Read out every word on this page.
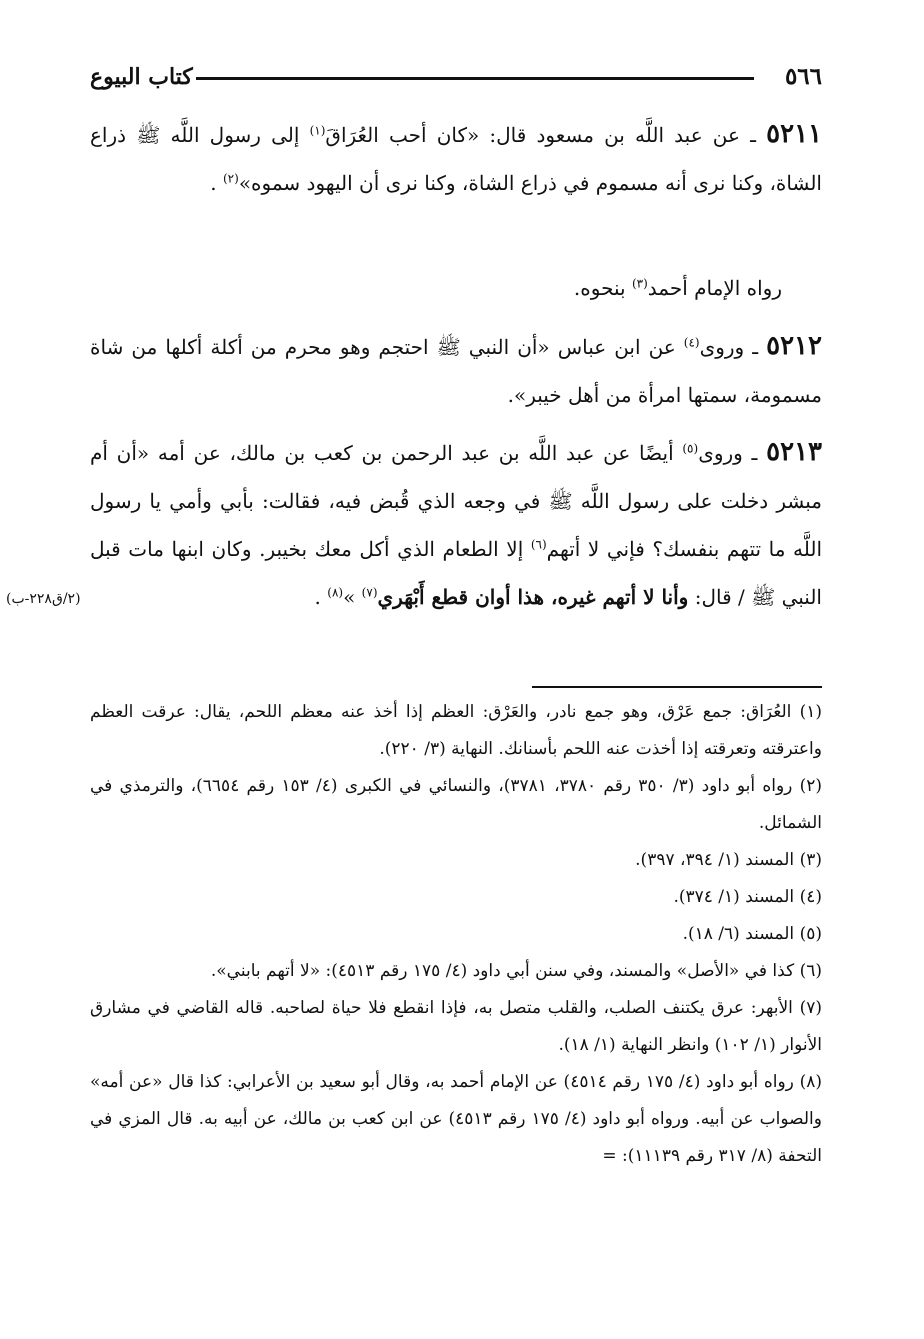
٥٦٦
كتاب البيوع
٥٢١١ ـ عن عبد اللَّه بن مسعود قال: «كان أحب العُرَاقَ$^{(١)}$ إلى رسول اللَّه ﷺ ذراع الشاة، وكنا نرى أنه مسموم في ذراع الشاة، وكنا نرى أن اليهود سموه»$^{(٢)}$ .
رواه الإمام أحمد$^{(٣)}$ بنحوه.
٥٢١٢ ـ وروى$^{(٤)}$ عن ابن عباس «أن النبي ﷺ احتجم وهو محرم من أكلة أكلها من شاة مسمومة، سمتها امرأة من أهل خيبر».
٥٢١٣ ـ وروى$^{(٥)}$ أيضًا عن عبد اللَّه بن عبد الرحمن بن كعب بن مالك، عن أمه «أن أم مبشر دخلت على رسول اللَّه ﷺ في وجعه الذي قُبض فيه، فقالت: بأبي وأمي يا رسول اللَّه ما تتهم بنفسك؟ فإني لا أتهم$^{(٦)}$ إلا الطعام الذي أكل معك بخيبر. وكان ابنها مات قبل النبي ﷺ / قال: وأنا لا أتهم غيره، هذا أوان قطع أَبْهَري$^{(٧)}$ »$^{(٨)}$ .
(٢/ق٢٢٨-ب)
(١) العُرَاق: جمع عَرْق، وهو جمع نادر، والعَرْق: العظم إذا أخذ عنه معظم اللحم، يقال: عرقت العظم واعترقته وتعرقته إذا أخذت عنه اللحم بأسنانك. النهاية (٣/ ٢٢٠).
(٢) رواه أبو داود (٣/ ٣٥٠ رقم ٣٧٨٠، ٣٧٨١)، والنسائي في الكبرى (٤/ ١٥٣ رقم ٦٦٥٤)، والترمذي في الشمائل.
(٣) المسند (١/ ٣٩٤، ٣٩٧).
(٤) المسند (١/ ٣٧٤).
(٥) المسند (٦/ ١٨).
(٦) كذا في «الأصل» والمسند، وفي سنن أبي داود (٤/ ١٧٥ رقم ٤٥١٣): «لا أتهم بابني».
(٧) الأبهر: عرق يكتنف الصلب، والقلب متصل به، فإذا انقطع فلا حياة لصاحبه. قاله القاضي في مشارق الأنوار (١/ ١٠٢) وانظر النهاية (١/ ١٨).
(٨) رواه أبو داود (٤/ ١٧٥ رقم ٤٥١٤) عن الإمام أحمد به، وقال أبو سعيد بن الأعرابي: كذا قال «عن أمه» والصواب عن أبيه. ورواه أبو داود (٤/ ١٧٥ رقم ٤٥١٣) عن ابن كعب بن مالك، عن أبيه به. قال المزي في التحفة (٨/ ٣١٧ رقم ١١١٣٩): =
